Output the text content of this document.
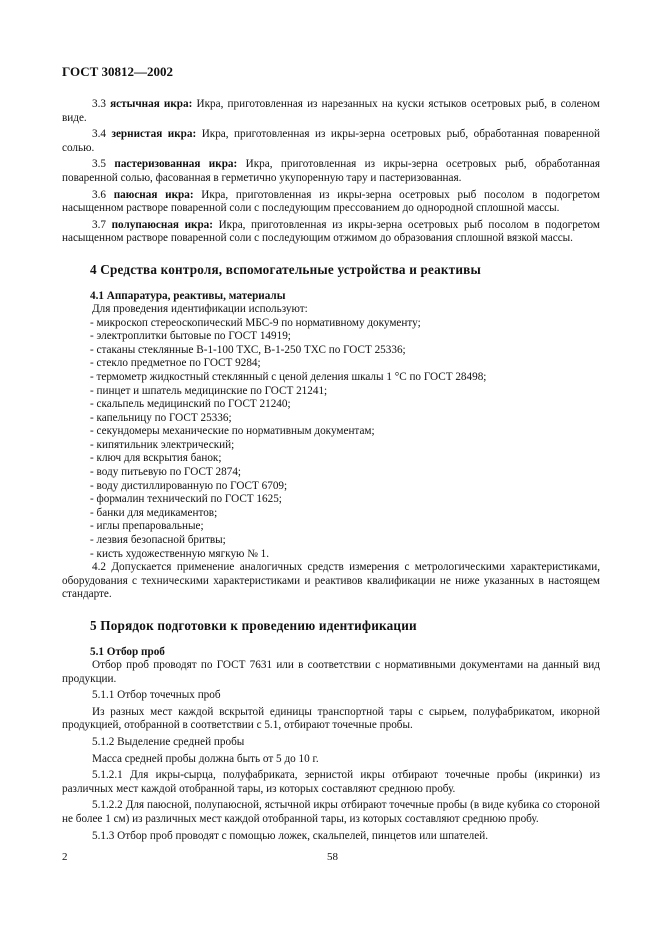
ГОСТ 30812—2002

3.3 ястычная икра: Икра, приготовленная из нарезанных на куски ястыков осетровых рыб, в соленом виде.

3.4 зернистая икра: Икра, приготовленная из икры-зерна осетровых рыб, обработанная поваренной солью.

3.5 пастеризованная икра: Икра, приготовленная из икры-зерна осетровых рыб, обработанная поваренной солью, фасованная в герметично укупоренную тару и пастеризованная.

3.6 паюсная икра: Икра, приготовленная из икры-зерна осетровых рыб посолом в подогретом насыщенном растворе поваренной соли с последующим прессованием до однородной сплошной массы.

3.7 полупаюсная икра: Икра, приготовленная из икры-зерна осетровых рыб посолом в подогретом насыщенном растворе поваренной соли с последующим отжимом до образования сплошной вязкой массы.

4 Средства контроля, вспомогательные устройства и реактивы
4.1 Аппаратура, реактивы, материалы

Для проведения идентификации используют:

- микроскоп стереоскопический МБС-9 по нормативному документу;
- электроплитки бытовые по ГОСТ 14919;
- стаканы стеклянные В-1-100 ТХС, В-1-250 ТХС по ГОСТ 25336;
- стекло предметное по ГОСТ 9284;
- термометр жидкостный стеклянный с ценой деления шкалы 1 °С по ГОСТ 28498;
- пинцет и шпатель медицинские по ГОСТ 21241;
- скальпель медицинский по ГОСТ 21240;
- капельницу по ГОСТ 25336;
- секундомеры механические по нормативным документам;
- кипятильник электрический;
- ключ для вскрытия банок;
- воду питьевую по ГОСТ 2874;
- воду дистиллированную по ГОСТ 6709;
- формалин технический по ГОСТ 1625;
- банки для медикаментов;
- иглы препаровальные;
- лезвия безопасной бритвы;
- кисть художественную мягкую № 1.

4.2 Допускается применение аналогичных средств измерения с метрологическими характеристиками, оборудования с техническими характеристиками и реактивов квалификации не ниже указанных в настоящем стандарте.

5 Порядок подготовки к проведению идентификации
5.1 Отбор проб

Отбор проб проводят по ГОСТ 7631 или в соответствии с нормативными документами на данный вид продукции.

5.1.1 Отбор точечных проб

Из разных мест каждой вскрытой единицы транспортной тары с сырьем, полуфабрикатом, икорной продукцией, отобранной в соответствии с 5.1, отбирают точечные пробы.

5.1.2 Выделение средней пробы

Масса средней пробы должна быть от 5 до 10 г.

5.1.2.1 Для икры-сырца, полуфабриката, зернистой икры отбирают точечные пробы (икринки) из различных мест каждой отобранной тары, из которых составляют среднюю пробу.

5.1.2.2 Для паюсной, полупаюсной, ястычной икры отбирают точечные пробы (в виде кубика со стороной не более 1 см) из различных мест каждой отобранной тары, из которых составляют среднюю пробу.

5.1.3 Отбор проб проводят с помощью ложек, скальпелей, пинцетов или шпателей.

2	58
